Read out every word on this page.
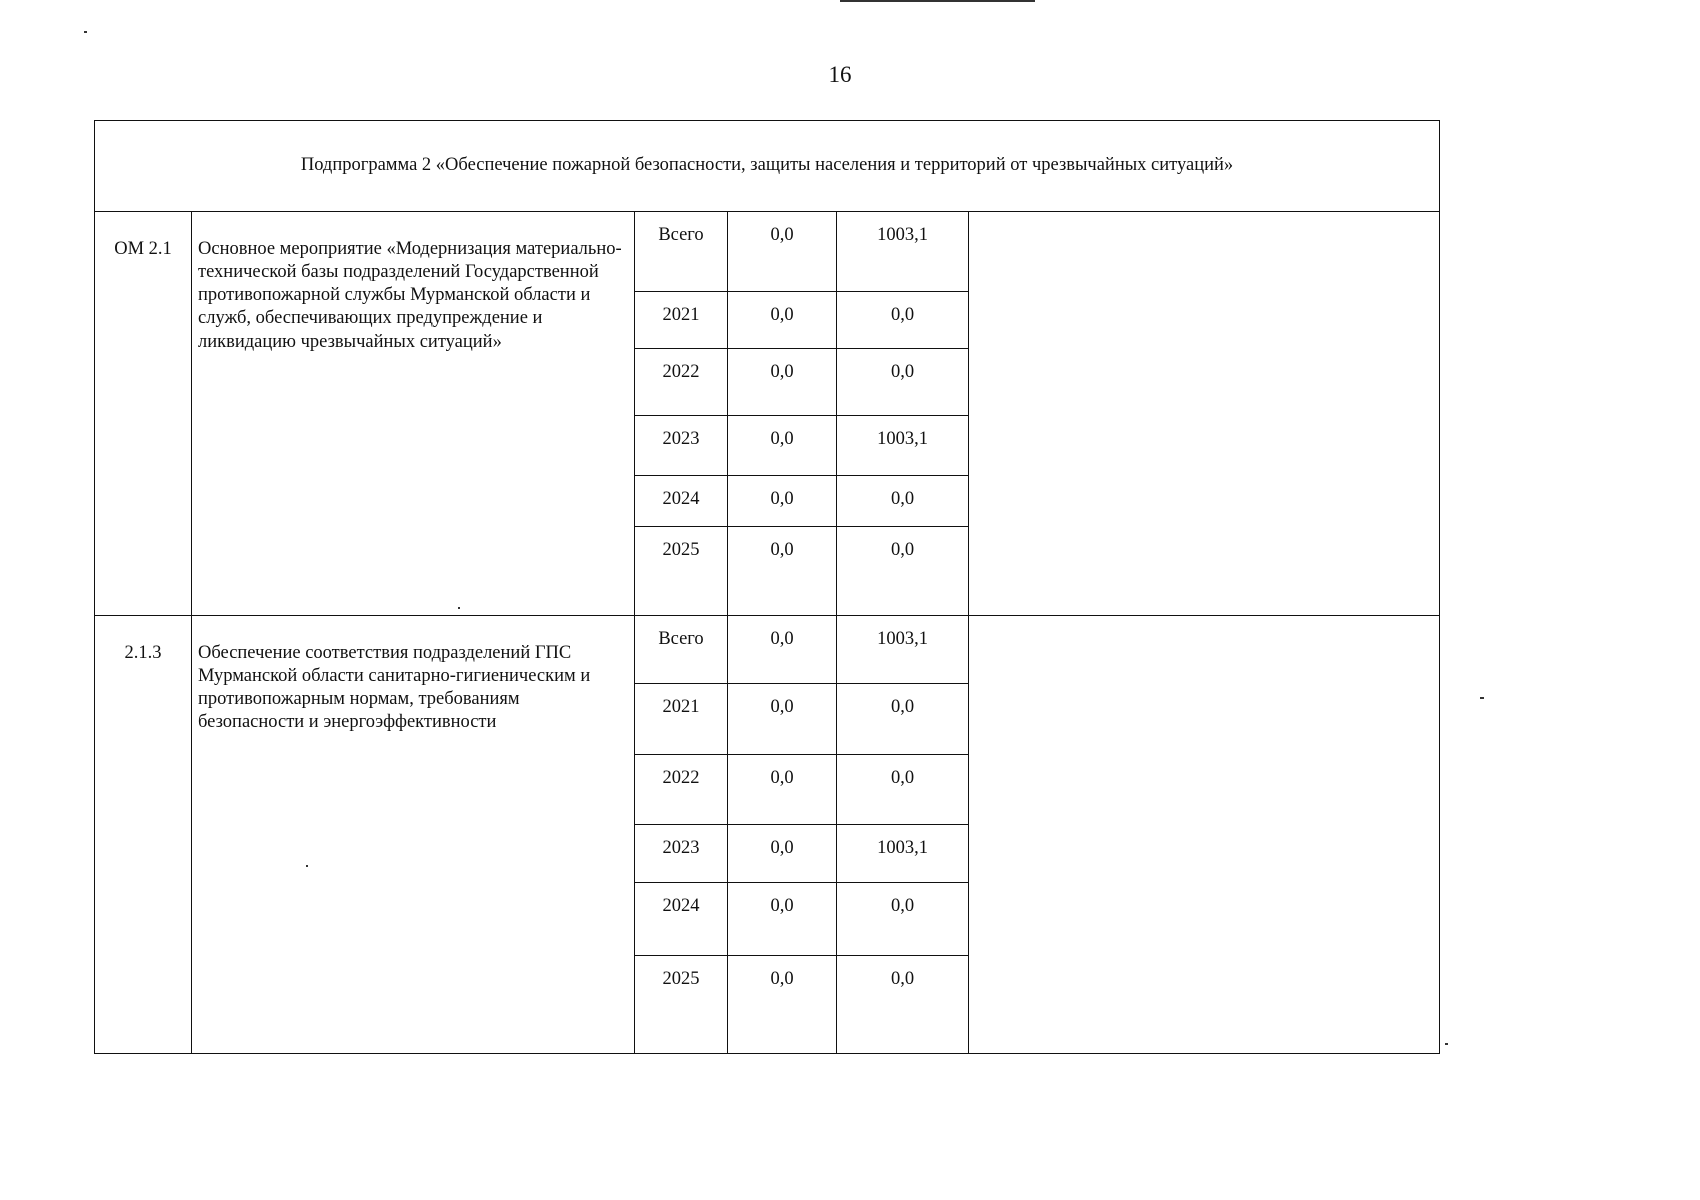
16
Подпрограмма 2 «Обеспечение пожарной безопасности, защиты населения и территорий от чрезвычайных ситуаций»					
ОМ 2.1	Основное мероприятие «Модернизация материально-технической базы подразделений Государственной противопожарной службы Мурманской области и служб, обеспечивающих предупреждение и ликвидацию чрезвычайных ситуаций»	Всего	0,0	1003,1	
		2021	0,0	0,0	
		2022	0,0	0,0	
		2023	0,0	1003,1	
		2024	0,0	0,0	
		2025	0,0	0,0	
2.1.3	Обеспечение соответствия подразделений ГПС Мурманской области санитарно-гигиеническим и противопожарным нормам, требованиям безопасности и энергоэффективности	Всего	0,0	1003,1	
		2021	0,0	0,0	
		2022	0,0	0,0	
		2023	0,0	1003,1	
		2024	0,0	0,0	
		2025	0,0	0,0	
